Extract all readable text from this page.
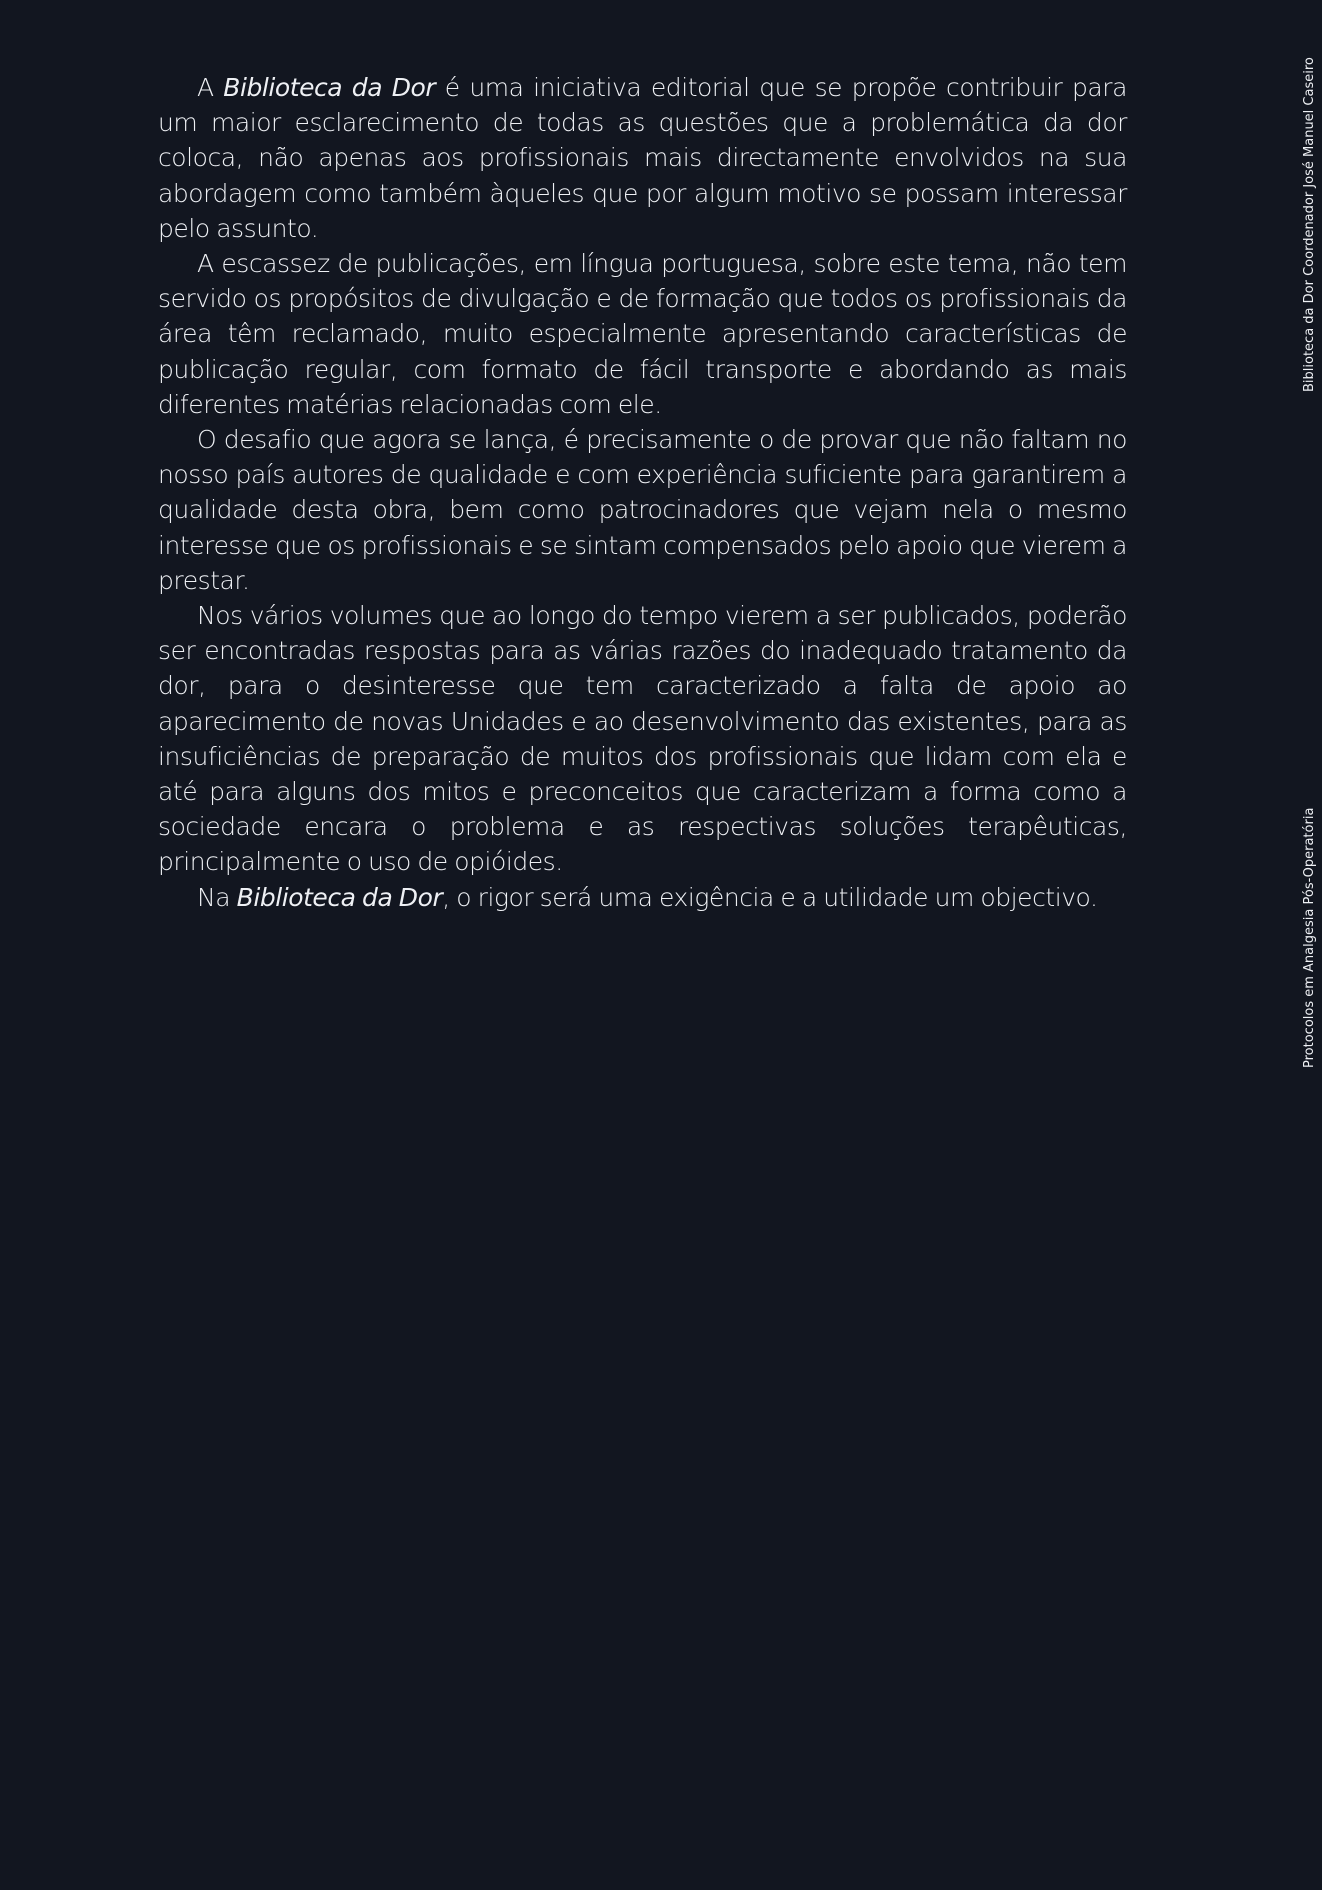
A Biblioteca da Dor é uma iniciativa editorial que se propõe contribuir para um maior esclarecimento de todas as questões que a problemática da dor coloca, não apenas aos profissionais mais directamente envolvidos na sua abordagem como também àqueles que por algum motivo se possam interessar pelo assunto.

A escassez de publicações, em língua portuguesa, sobre este tema, não tem servido os propósitos de divulgação e de formação que todos os profissionais da área têm reclamado, muito especialmente apresentando características de publicação regular, com formato de fácil transporte e abordando as mais diferentes matérias relacionadas com ele.

O desafio que agora se lança, é precisamente o de provar que não faltam no nosso país autores de qualidade e com experiência suficiente para garantirem a qualidade desta obra, bem como patrocinadores que vejam nela o mesmo interesse que os profissionais e se sintam compensados pelo apoio que vierem a prestar.

Nos vários volumes que ao longo do tempo vierem a ser publicados, poderão ser encontradas respostas para as várias razões do inadequado tratamento da dor, para o desinteresse que tem caracterizado a falta de apoio ao aparecimento de novas Unidades e ao desenvolvimento das existentes, para as insuficiências de preparação de muitos dos profissionais que lidam com ela e até para alguns dos mitos e preconceitos que caracterizam a forma como a sociedade encara o problema e as respectivas soluções terapêuticas, principalmente o uso de opióides.

Na Biblioteca da Dor, o rigor será uma exigência e a utilidade um objectivo.

Biblioteca da Dor Coordenador José Manuel Caseiro
Protocolos em Analgesia Pós-Operatória
